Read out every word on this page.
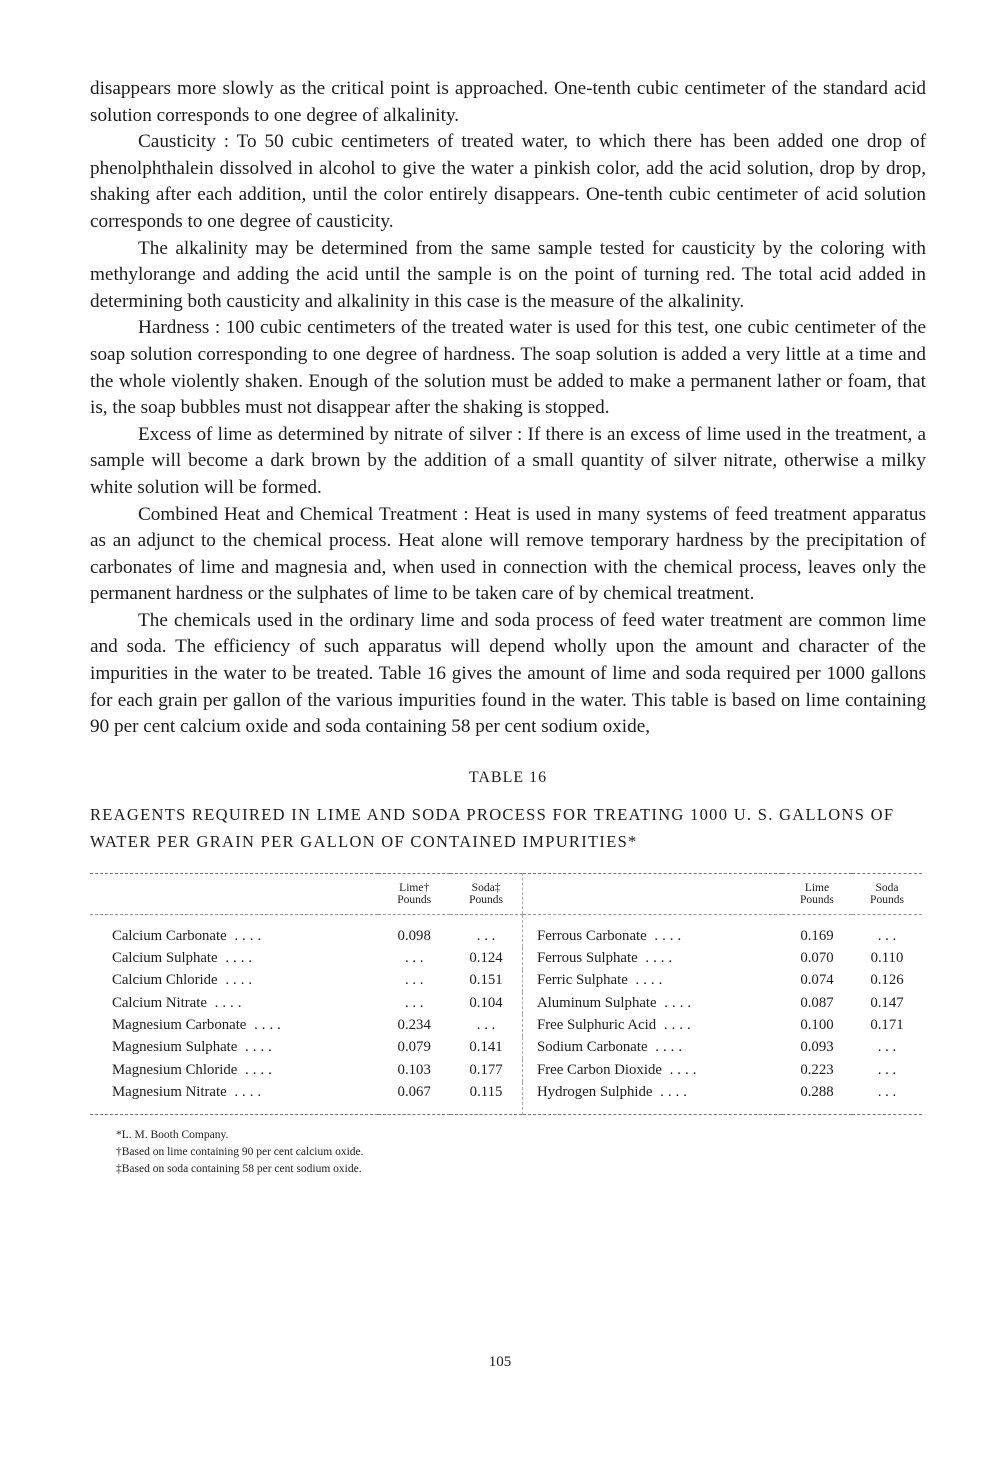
disappears more slowly as the critical point is approached. One-tenth cubic centimeter of the standard acid solution corresponds to one degree of alkalinity.

Causticity : To 50 cubic centimeters of treated water, to which there has been added one drop of phenolphthalein dissolved in alcohol to give the water a pinkish color, add the acid solution, drop by drop, shaking after each addition, until the color entirely disappears. One-tenth cubic centimeter of acid solution corresponds to one degree of causticity.

The alkalinity may be determined from the same sample tested for causticity by the coloring with methylorange and adding the acid until the sample is on the point of turning red. The total acid added in determining both causticity and alkalinity in this case is the measure of the alkalinity.

Hardness : 100 cubic centimeters of the treated water is used for this test, one cubic centimeter of the soap solution corresponding to one degree of hardness. The soap solution is added a very little at a time and the whole violently shaken. Enough of the solution must be added to make a permanent lather or foam, that is, the soap bubbles must not disappear after the shaking is stopped.

Excess of lime as determined by nitrate of silver : If there is an excess of lime used in the treatment, a sample will become a dark brown by the addition of a small quantity of silver nitrate, otherwise a milky white solution will be formed.

Combined Heat and Chemical Treatment : Heat is used in many systems of feed treatment apparatus as an adjunct to the chemical process. Heat alone will remove temporary hardness by the precipitation of carbonates of lime and magnesia and, when used in connection with the chemical process, leaves only the permanent hardness or the sulphates of lime to be taken care of by chemical treatment.

The chemicals used in the ordinary lime and soda process of feed water treatment are common lime and soda. The efficiency of such apparatus will depend wholly upon the amount and character of the impurities in the water to be treated. Table 16 gives the amount of lime and soda required per 1000 gallons for each grain per gallon of the various impurities found in the water. This table is based on lime containing 90 per cent calcium oxide and soda containing 58 per cent sodium oxide,

TABLE 16
REAGENTS REQUIRED IN LIME AND SODA PROCESS FOR TREATING 1000 U. S. GALLONS OF WATER PER GRAIN PER GALLON OF CONTAINED IMPURITIES*
	Lime†
Pounds	Soda‡
Pounds		Lime
Pounds	Soda
Pounds
Calcium Carbonate ....	0.098	. . .	Ferrous Carbonate ....	0.169	. . .
Calcium Sulphate ....	. . .	0.124	Ferrous Sulphate ....	0.070	0.110
Calcium Chloride ....	. . .	0.151	Ferric Sulphate ....	0.074	0.126
Calcium Nitrate ....	. . .	0.104	Aluminum Sulphate ....	0.087	0.147
Magnesium Carbonate ....	0.234	. . .	Free Sulphuric Acid ....	0.100	0.171
Magnesium Sulphate ....	0.079	0.141	Sodium Carbonate ....	0.093	. . .
Magnesium Chloride ....	0.103	0.177	Free Carbon Dioxide ....	0.223	. . .
Magnesium Nitrate ....	0.067	0.115	Hydrogen Sulphide ....	0.288	. . .
*L. M. Booth Company.
†Based on lime containing 90 per cent calcium oxide.
‡Based on soda containing 58 per cent sodium oxide.
105
